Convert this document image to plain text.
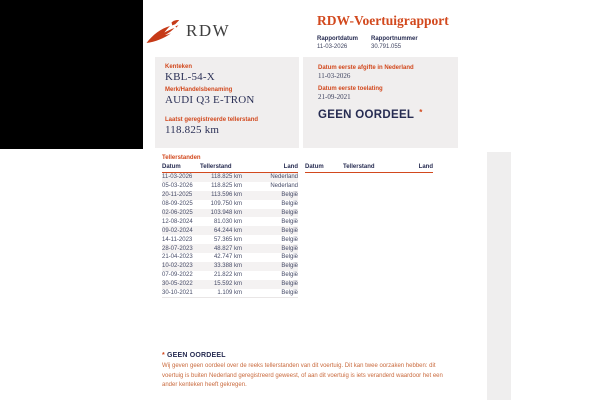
RDW
RDW-Voertuigrapport
Rapportdatum
11-03-2026
Rapportnummer
30.791.055
Kenteken
KBL-54-X
Merk/Handelsbenaming
AUDI Q3 E-TRON
Laatst geregistreerde tellerstand
118.825 km
Datum eerste afgifte in Nederland
11-03-2026
Datum eerste toelating
21-09-2021
GEEN OORDEEL *
Tellerstanden
Datum	Tellerstand	Land
11-03-2026	118.825 km	Nederland
05-03-2026	118.825 km	Nederland
20-11-2025	113.596 km	België
08-09-2025	109.750 km	België
02-06-2025	103.948 km	België
12-08-2024	81.030 km	België
09-02-2024	64.244 km	België
14-11-2023	57.365 km	België
28-07-2023	48.827 km	België
21-04-2023	42.747 km	België
10-02-2023	33.388 km	België
07-09-2022	21.822 km	België
30-05-2022	15.592 km	België
30-10-2021	1.109 km	België
Datum	Tellerstand	Land
* GEEN OORDEEL

Wij geven geen oordeel over de reeks tellerstanden van dit voertuig. Dit kan twee oorzaken hebben: dit voertuig is buiten Nederland geregistreerd geweest, of aan dit voertuig is iets veranderd waardoor het een ander kenteken heeft gekregen.
